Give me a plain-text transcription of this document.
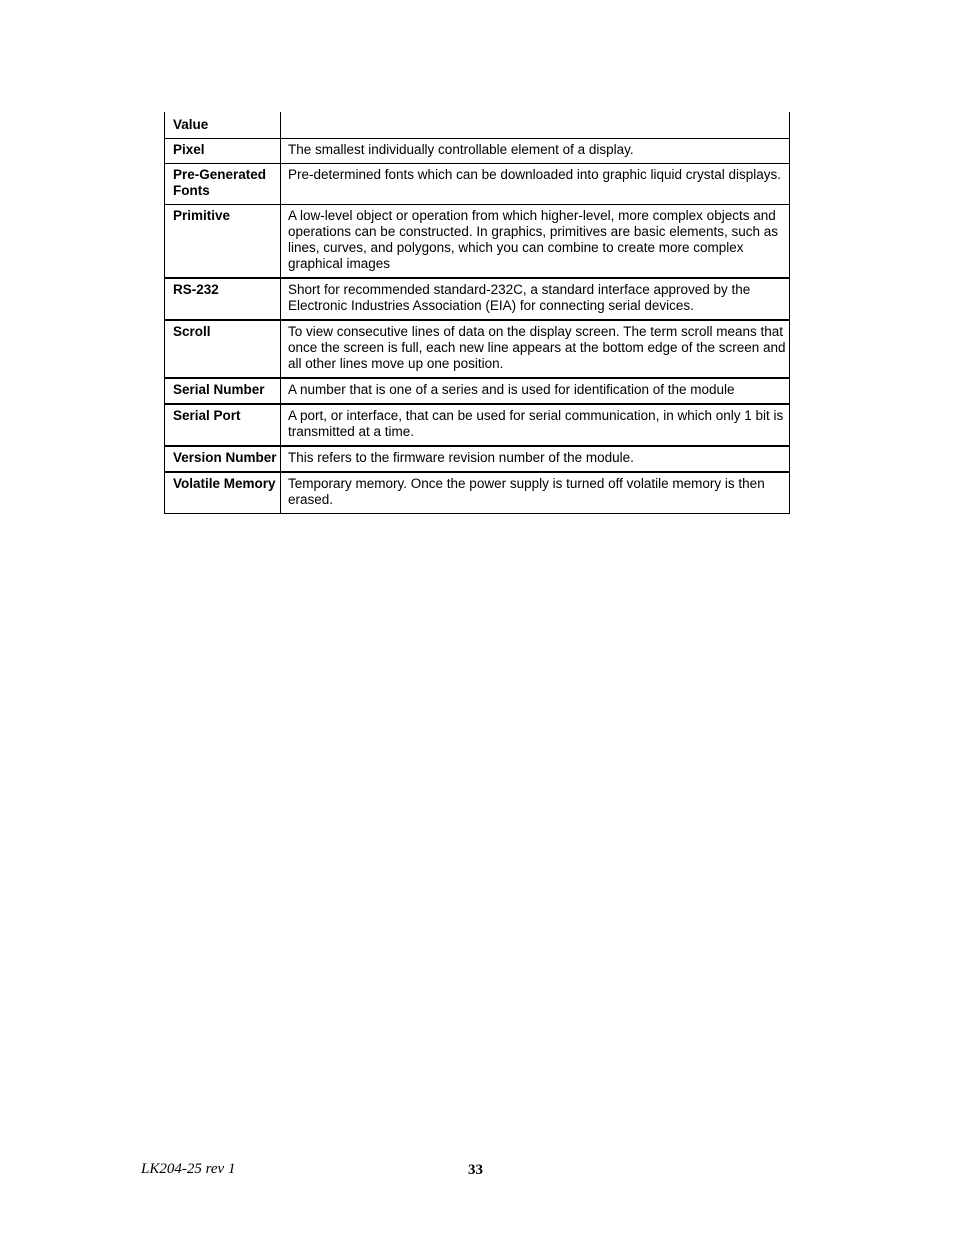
Value	
Pixel	The smallest individually controllable element of a display.
Pre-Generated Fonts	Pre-determined fonts which can be downloaded into graphic liquid crystal displays.
Primitive	A low-level object or operation from which higher-level, more complex objects and operations can be constructed. In graphics, primitives are basic elements, such as lines, curves, and polygons, which you can combine to create more complex graphical images
RS-232	Short for recommended standard-232C, a standard interface approved by the Electronic Industries Association (EIA) for connecting serial devices.
Scroll	To view consecutive lines of data on the display screen. The term scroll means that once the screen is full, each new line appears at the bottom edge of the screen and all other lines move up one position.
Serial Number	A number that is one of a series and is used for identification of the module
Serial Port	A port, or interface, that can be used for serial communication, in which only 1 bit is transmitted at a time.
Version Number	This refers to the firmware revision number of the module.
Volatile Memory	Temporary memory. Once the power supply is turned off volatile memory is then erased.
LK204-25 rev 1	33
